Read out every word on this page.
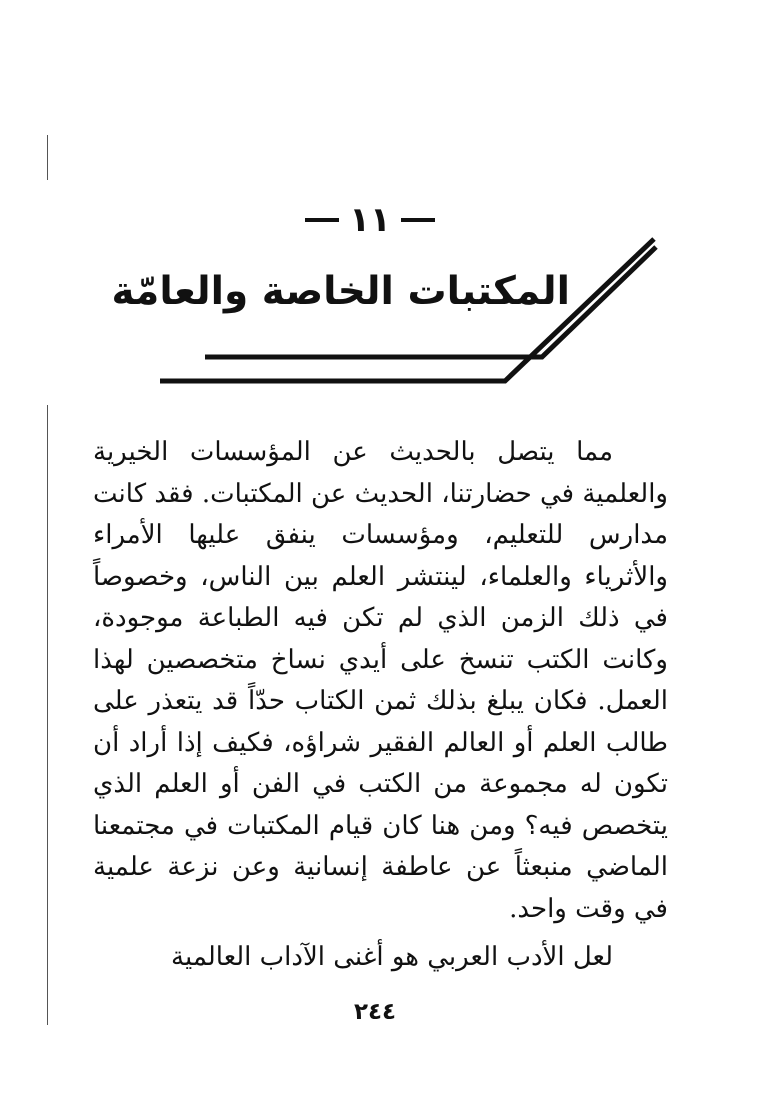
١١
المكتبات الخاصة والعامّة

مما يتصل بالحديث عن المؤسسات الخيرية والعلمية في حضارتنا، الحديث عن المكتبات. فقد كانت مدارس للتعليم، ومؤسسات ينفق عليها الأمراء والأثرياء والعلماء، لينتشر العلم بين الناس، وخصوصاً في ذلك الزمن الذي لم تكن فيه الطباعة موجودة، وكانت الكتب تنسخ على أيدي نساخ متخصصين لهذا العمل. فكان يبلغ بذلك ثمن الكتاب حدّاً قد يتعذر على طالب العلم أو العالم الفقير شراؤه، فكيف إذا أراد أن تكون له مجموعة من الكتب في الفن أو العلم الذي يتخصص فيه؟ ومن هنا كان قيام المكتبات في مجتمعنا الماضي منبعثاً عن عاطفة إنسانية وعن نزعة علمية في وقت واحد.

لعل الأدب العربي هو أغنى الآداب العالمية

٢٤٤
